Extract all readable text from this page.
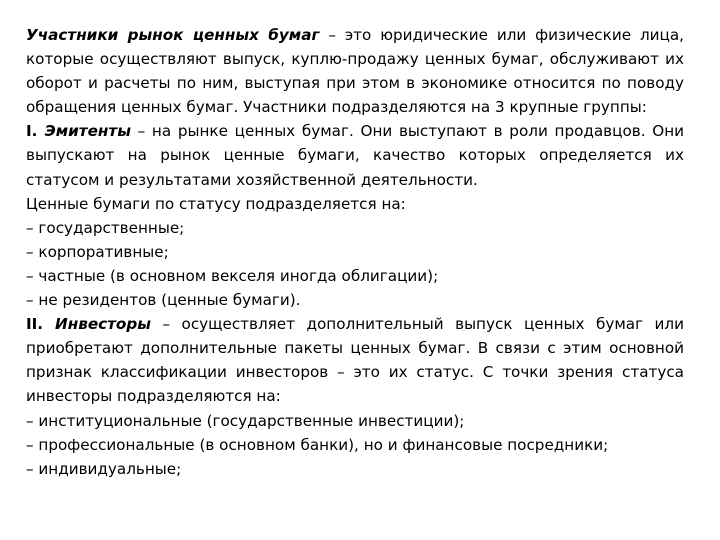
Участники рынок ценных бумаг – это юридические или физические лица, которые осуществляют выпуск, куплю-продажу ценных бумаг, обслуживают их оборот и расчеты по ним, выступая при этом в экономике относится по поводу обращения ценных бумаг. Участники подразделяются на 3 крупные группы:

I. Эмитенты – на рынке ценных бумаг. Они выступают в роли продавцов. Они выпускают на рынок ценные бумаги, качество которых определяется их статусом и результатами хозяйственной деятельности.

Ценные бумаги по статусу подразделяется на:

– государственные;

– корпоративные;

– частные (в основном векселя иногда облигации);

– не резидентов (ценные бумаги).

II. Инвесторы – осуществляет дополнительный выпуск ценных бумаг или приобретают дополнительные пакеты ценных бумаг. В связи с этим основной признак классификации инвесторов – это их статус. С точки зрения статуса инвесторы подразделяются на:

– институциональные (государственные инвестиции);

– профессиональные (в основном банки), но и финансовые посредники;

– индивидуальные;
